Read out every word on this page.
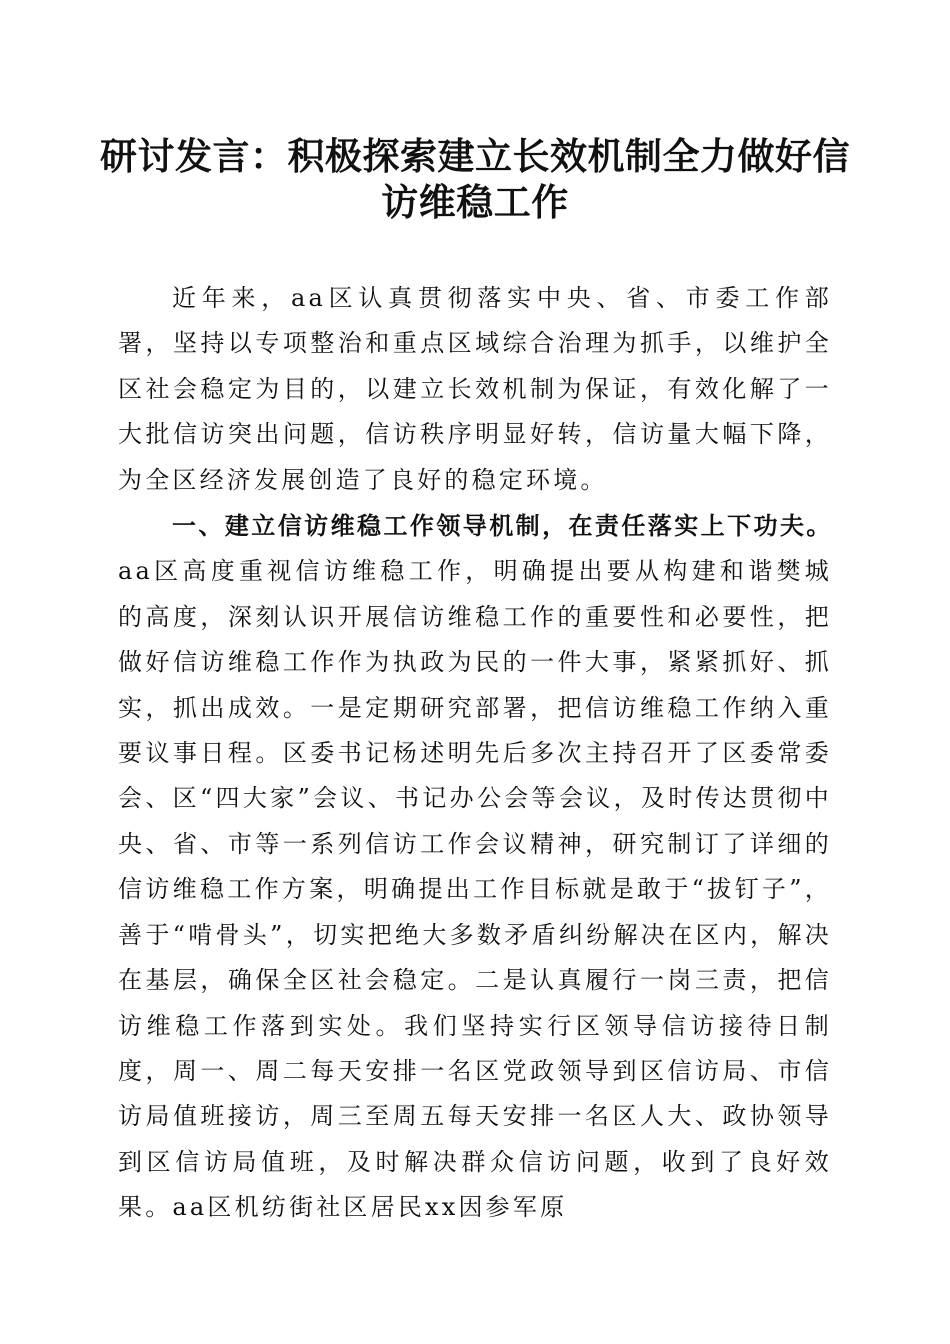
研讨发言：积极探索建立长效机制全力做好信访维稳工作

近年来，aa区认真贯彻落实中央、省、市委工作部署，坚持以专项整治和重点区域综合治理为抓手，以维护全区社会稳定为目的，以建立长效机制为保证，有效化解了一大批信访突出问题，信访秩序明显好转，信访量大幅下降，为全区经济发展创造了良好的稳定环境。

一、建立信访维稳工作领导机制，在责任落实上下功夫。aa区高度重视信访维稳工作，明确提出要从构建和谐樊城的高度，深刻认识开展信访维稳工作的重要性和必要性，把做好信访维稳工作作为执政为民的一件大事，紧紧抓好、抓实，抓出成效。一是定期研究部署，把信访维稳工作纳入重要议事日程。区委书记杨述明先后多次主持召开了区委常委会、区“四大家”会议、书记办公会等会议，及时传达贯彻中央、省、市等一系列信访工作会议精神，研究制订了详细的信访维稳工作方案，明确提出工作目标就是敢于“拔钉子”，善于“啃骨头”，切实把绝大多数矛盾纠纷解决在区内，解决在基层，确保全区社会稳定。二是认真履行一岗三责，把信访维稳工作落到实处。我们坚持实行区领导信访接待日制度，周一、周二每天安排一名区党政领导到区信访局、市信访局值班接访，周三至周五每天安排一名区人大、政协领导到区信访局值班，及时解决群众信访问题，收到了良好效果。aa区机纺街社区居民xx因参军原
